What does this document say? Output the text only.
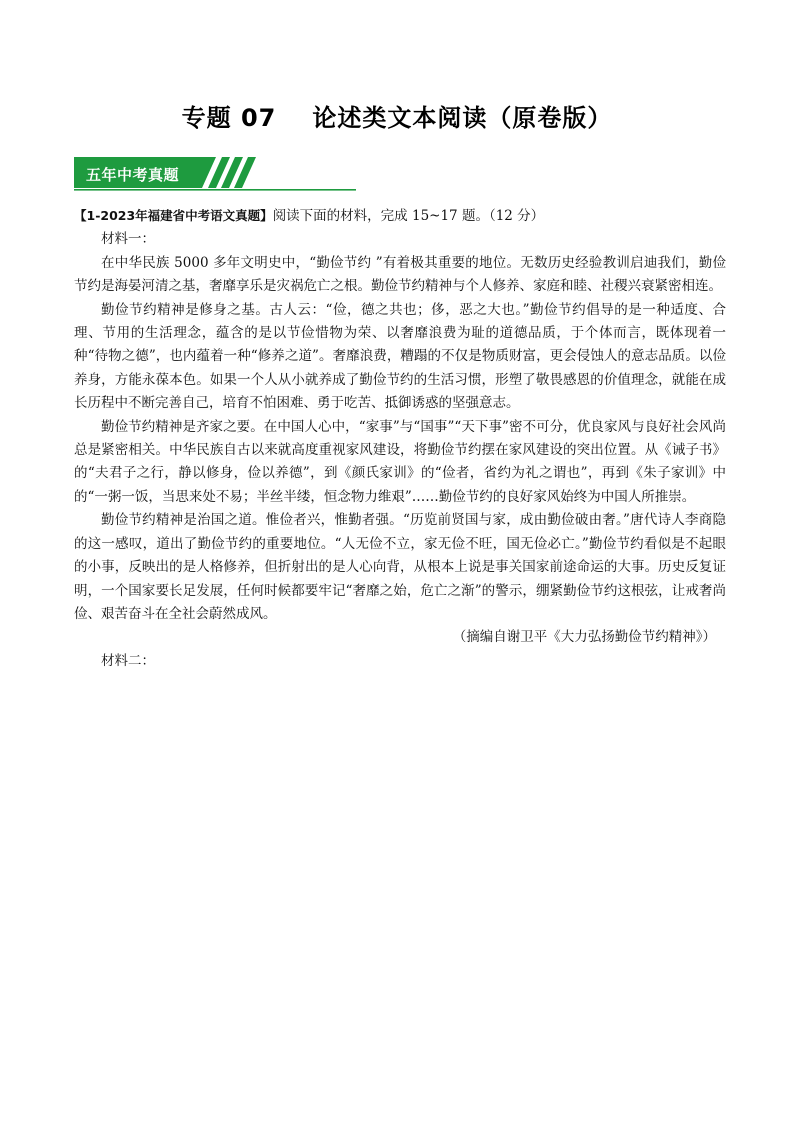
专题 07 论述类文本阅读（原卷版）
五年中考真题

【1-2023年福建省中考语文真题】阅读下面的材料，完成 15~17 题。（12 分）

材料一：

在中华民族 5000 多年文明史中，“勤俭节约 ”有着极其重要的地位。无数历史经验教训启迪我们，勤俭节约是海晏河清之基，奢靡享乐是灾祸危亡之根。勤俭节约精神与个人修养、家庭和睦、社稷兴衰紧密相连。

勤俭节约精神是修身之基。古人云：“俭，德之共也；侈，恶之大也。”勤俭节约倡导的是一种适度、合理、节用的生活理念，蕴含的是以节俭惜物为荣、以奢靡浪费为耻的道德品质，于个体而言，既体现着一种“待物之德”，也内蕴着一种“修养之道”。奢靡浪费，糟蹋的不仅是物质财富，更会侵蚀人的意志品质。以俭养身，方能永葆本色。如果一个人从小就养成了勤俭节约的生活习惯，形塑了敬畏感恩的价值理念，就能在成长历程中不断完善自己，培育不怕困难、勇于吃苦、抵御诱惑的坚强意志。

勤俭节约精神是齐家之要。在中国人心中，“家事”与“国事”“天下事”密不可分，优良家风与良好社会风尚总是紧密相关。中华民族自古以来就高度重视家风建设，将勤俭节约摆在家风建设的突出位置。从《诫子书》的“夫君子之行，静以修身，俭以养德”，到《颜氏家训》的“俭者，省约为礼之谓也”，再到《朱子家训》中的“一粥一饭，当思来处不易；半丝半缕，恒念物力维艰”……勤俭节约的良好家风始终为中国人所推崇。

勤俭节约精神是治国之道。惟俭者兴，惟勤者强。“历览前贤国与家，成由勤俭破由奢。”唐代诗人李商隐的这一感叹，道出了勤俭节约的重要地位。“人无俭不立，家无俭不旺，国无俭必亡。”勤俭节约看似是不起眼的小事，反映出的是人格修养，但折射出的是人心向背，从根本上说是事关国家前途命运的大事。历史反复证明，一个国家要长足发展，任何时候都要牢记“奢靡之始，危亡之渐”的警示，绷紧勤俭节约这根弦，让戒奢尚俭、艰苦奋斗在全社会蔚然成风。

（摘编自谢卫平《大力弘扬勤俭节约精神》）

材料二：
